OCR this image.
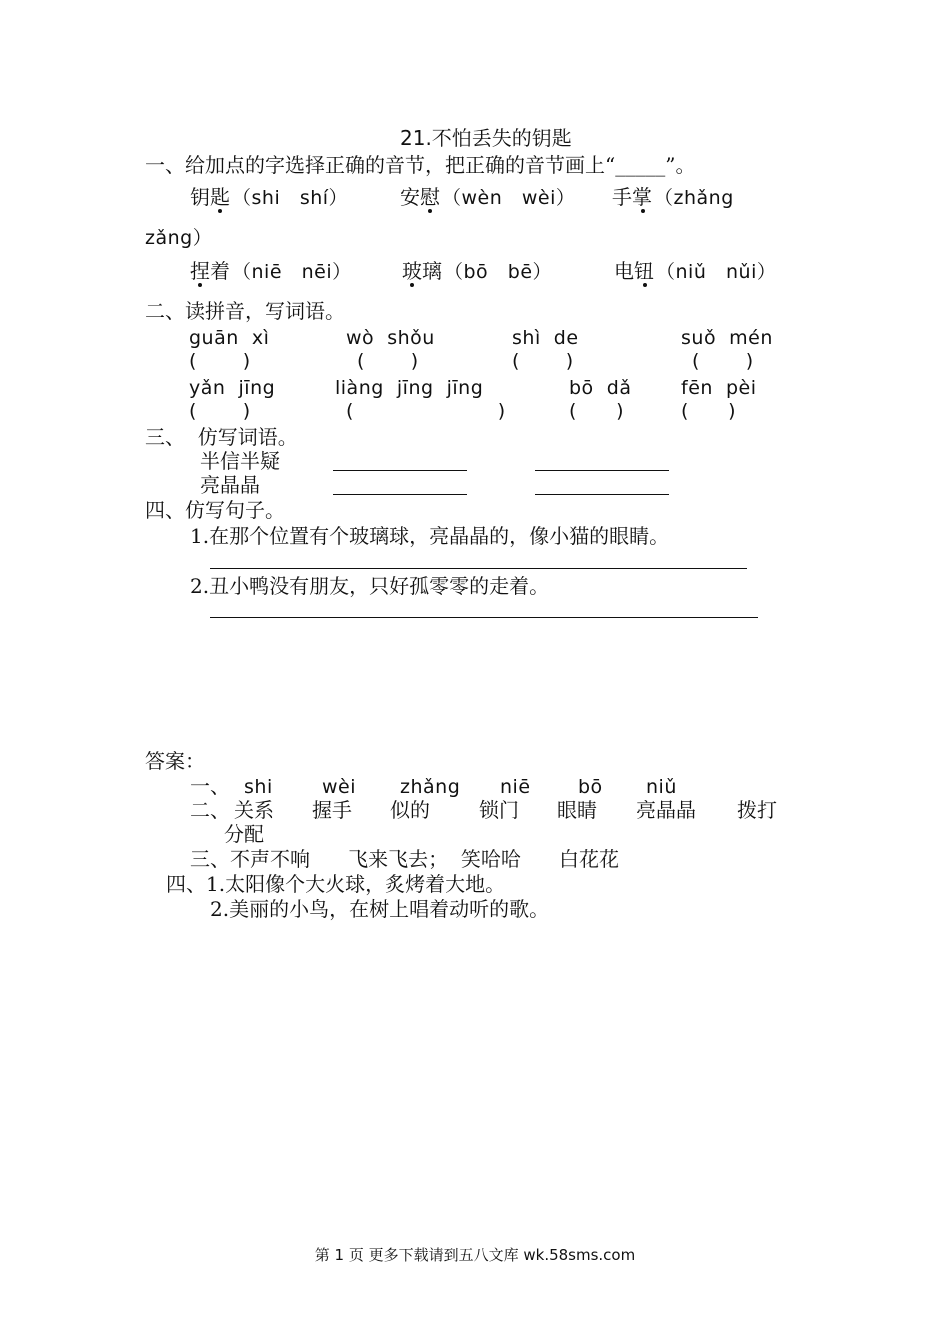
21.不怕丢失的钥匙
一、给加点的字选择正确的音节，把正确的音节画上“_____”。
钥匙 （shi   shí）	安慰 （wèn   wèi） 手掌 （zhǎng
zǎng）
捏着 （niē   nēi）	玻璃 （bō   bē）	电钮 （niǔ   nǔi）
二、读拼音，写词语。
guān  xì	wò  shǒu	shì  de	suǒ  mén
(       )	(       )	(       )	(       )
yǎn  jīng	liàng  jīng  jīng	bō  dǎ	fēn  pèi
(       )	(                      )	(      )	(      )
三、  仿写词语。
半信半疑
亮晶晶
四、仿写句子。
1.在那个位置有个玻璃球，亮晶晶的，像小猫的眼睛。
2.丑小鸭没有朋友，只好孤零零的走着。
答案：
一、 shi	wèi zhǎng niē bō niǔ
二、 关系 握手 似的 锁门 眼睛 亮晶晶 拨打
分配
三、不声不响      飞来飞去；  笑哈哈      白花花
四、1.太阳像个大火球，炙烤着大地。
2.美丽的小鸟，在树上唱着动听的歌。
第 1 页 更多下载请到五八文库 wk.58sms.com
